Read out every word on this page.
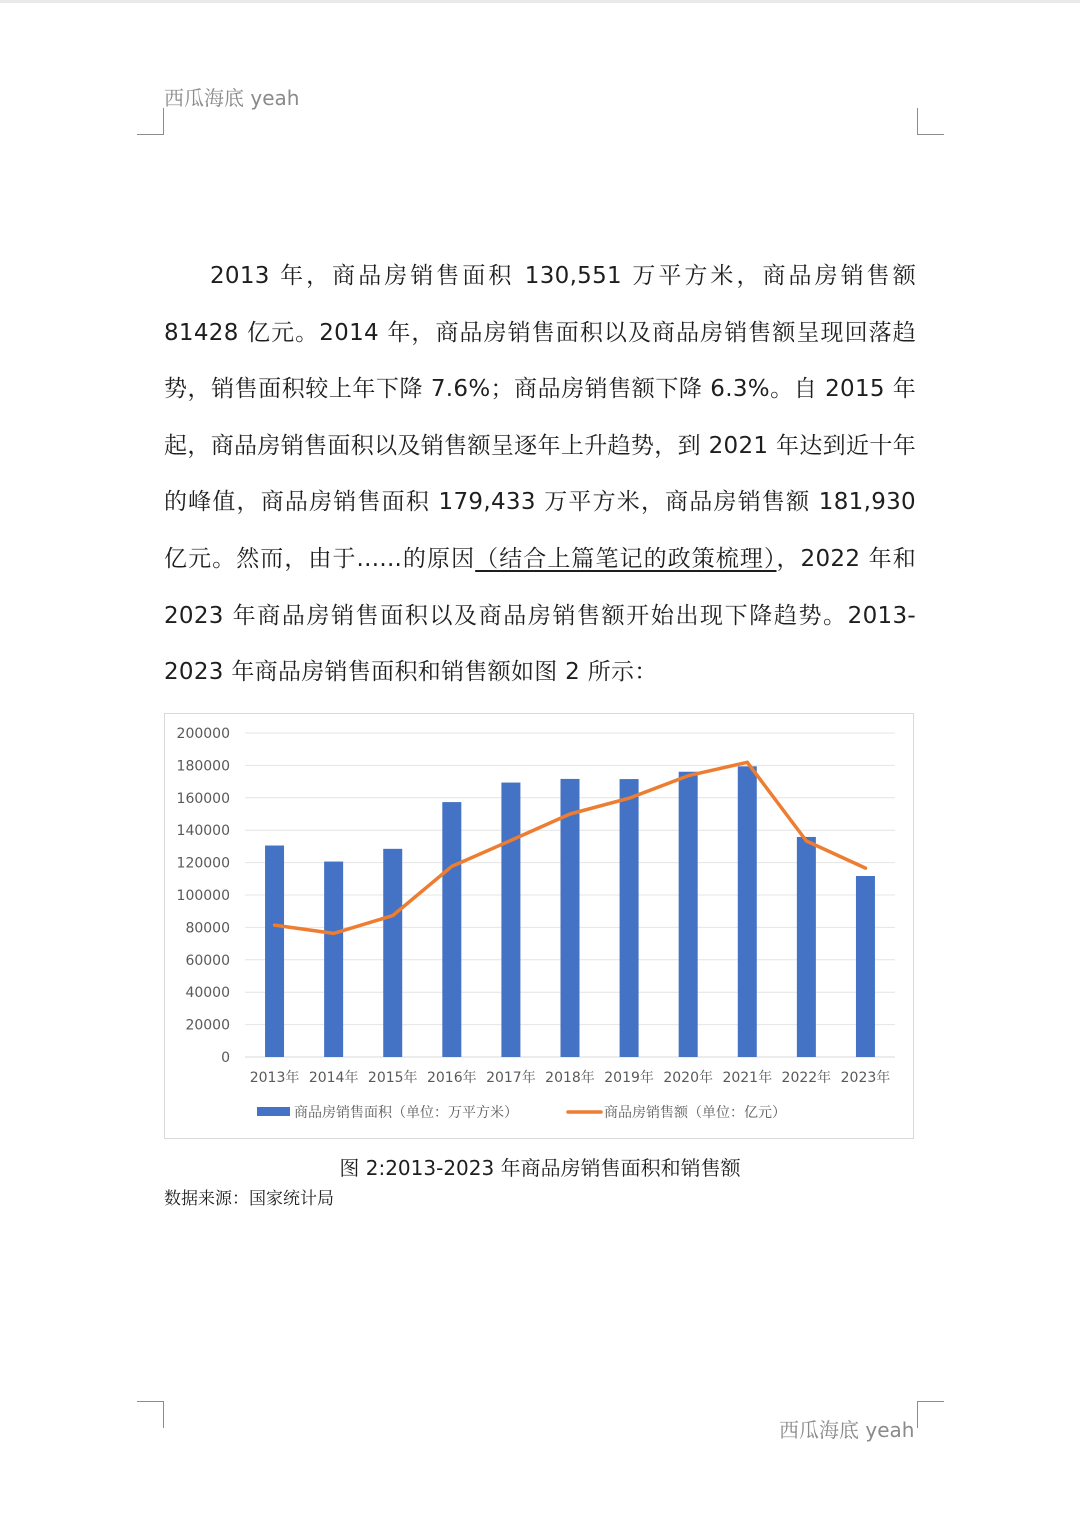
西瓜海底 yeah
2013 年，商品房销售面积 130,551 万平方米，商品房销售额 81428 亿元。2014 年，商品房销售面积以及商品房销售额呈现回落趋势，销售面积较上年下降 7.6%；商品房销售额下降 6.3%。自 2015 年起，商品房销售面积以及销售额呈逐年上升趋势，到 2021 年达到近十年的峰值，商品房销售面积 179,433 万平方米，商品房销售额 181,930 亿元。然而，由于......的原因（结合上篇笔记的政策梳理），2022 年和 2023 年商品房销售面积以及商品房销售额开始出现下降趋势。2013-2023 年商品房销售面积和销售额如图 2 所示：
0
20000
40000
60000
80000
100000
120000
140000
160000
180000
200000
2013年 2014年 2015年 2016年 2017年 2018年 2019年 2020年 2021年 2022年 2023年
商品房销售面积（单位：万平方米）	商品房销售额（单位：亿元）
图 2:2013-2023 年商品房销售面积和销售额
数据来源：国家统计局
西瓜海底 yeah
